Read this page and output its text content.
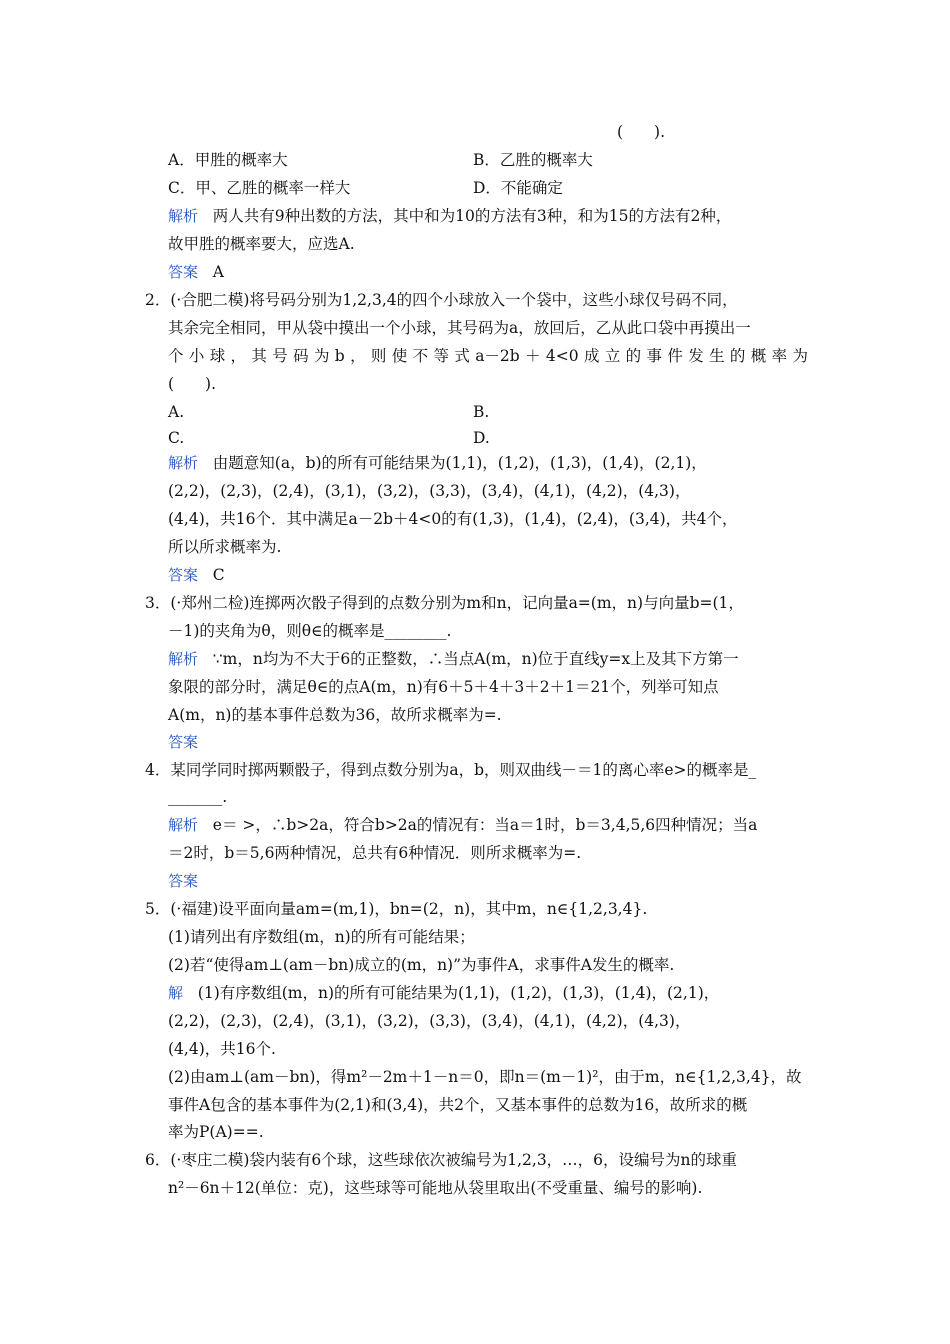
(　　).
A．甲胜的概率大	B．乙胜的概率大
C．甲、乙胜的概率一样大	D．不能确定
解析 两人共有9种出数的方法，其中和为10的方法有3种，和为15的方法有2种，
故甲胜的概率要大，应选A.
答案 A
2．(·合肥二模)将号码分别为1,2,3,4的四个小球放入一个袋中，这些小球仅号码不同，
其余完全相同，甲从袋中摸出一个小球，其号码为a，放回后，乙从此口袋中再摸出一
个小球，其号码为b，则使不等式a－2b＋4<0成立的事件发生的概率为
(　　).
A.	B.
C.	D.
解析 由题意知(a，b)的所有可能结果为(1,1)，(1,2)，(1,3)，(1,4)，(2,1)，
(2,2)，(2,3)，(2,4)，(3,1)，(3,2)，(3,3)，(3,4)，(4,1)，(4,2)，(4,3)，
(4,4)，共16个．其中满足a－2b＋4<0的有(1,3)，(1,4)，(2,4)，(3,4)，共4个，
所以所求概率为.
答案 C
3．(·郑州二检)连掷两次骰子得到的点数分别为m和n，记向量a=(m，n)与向量b=(1，
－1)的夹角为θ，则θ∈的概率是________.
解析 ∵m，n均为不大于6的正整数，∴当点A(m，n)位于直线y=x上及其下方第一
象限的部分时，满足θ∈的点A(m，n)有6＋5＋4＋3＋2＋1＝21个，列举可知点
A(m，n)的基本事件总数为36，故所求概率为=.
答案
4．某同学同时掷两颗骰子，得到点数分别为a，b，则双曲线－＝1的离心率e>的概率是_
_______.
解析 e＝ >，∴b>2a，符合b>2a的情况有：当a＝1时，b＝3,4,5,6四种情况；当a
＝2时，b＝5,6两种情况，总共有6种情况．则所求概率为=.
答案
5．(·福建)设平面向量am=(m,1)，bn=(2，n)，其中m，n∈{1,2,3,4}.
(1)请列出有序数组(m，n)的所有可能结果；
(2)若“使得am⊥(am－bn)成立的(m，n)”为事件A，求事件A发生的概率.
解 (1)有序数组(m，n)的所有可能结果为(1,1)，(1,2)，(1,3)，(1,4)，(2,1)，
(2,2)，(2,3)，(2,4)，(3,1)，(3,2)，(3,3)，(3,4)，(4,1)，(4,2)，(4,3)，
(4,4)，共16个.
(2)由am⊥(am－bn)，得m²－2m＋1－n＝0，即n＝(m－1)²，由于m，n∈{1,2,3,4}，故
事件A包含的基本事件为(2,1)和(3,4)，共2个，又基本事件的总数为16，故所求的概
率为P(A)==.
6．(·枣庄二模)袋内装有6个球，这些球依次被编号为1,2,3，…，6，设编号为n的球重
n²－6n＋12(单位：克)，这些球等可能地从袋里取出(不受重量、编号的影响).
